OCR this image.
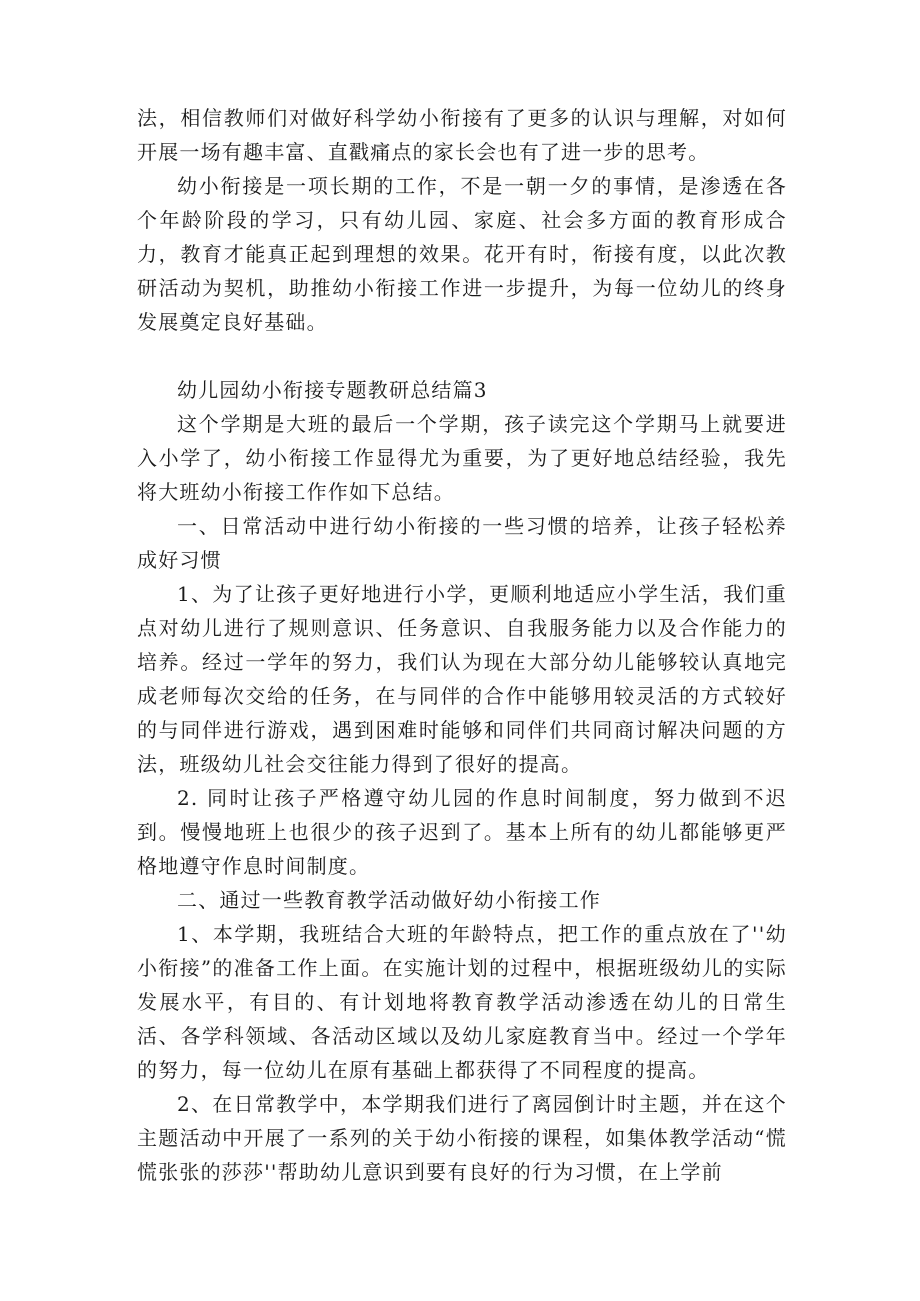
法，相信教师们对做好科学幼小衔接有了更多的认识与理解，对如何开展一场有趣丰富、直戳痛点的家长会也有了进一步的思考。

幼小衔接是一项长期的工作，不是一朝一夕的事情，是渗透在各个年龄阶段的学习，只有幼儿园、家庭、社会多方面的教育形成合力，教育才能真正起到理想的效果。花开有时，衔接有度，以此次教研活动为契机，助推幼小衔接工作进一步提升，为每一位幼儿的终身发展奠定良好基础。

幼儿园幼小衔接专题教研总结篇3

这个学期是大班的最后一个学期，孩子读完这个学期马上就要进入小学了，幼小衔接工作显得尤为重要，为了更好地总结经验，我先将大班幼小衔接工作作如下总结。

一、日常活动中进行幼小衔接的一些习惯的培养，让孩子轻松养成好习惯

1、为了让孩子更好地进行小学，更顺利地适应小学生活，我们重点对幼儿进行了规则意识、任务意识、自我服务能力以及合作能力的培养。经过一学年的努力，我们认为现在大部分幼儿能够较认真地完成老师每次交给的任务，在与同伴的合作中能够用较灵活的方式较好的与同伴进行游戏，遇到困难时能够和同伴们共同商讨解决问题的方法，班级幼儿社会交往能力得到了很好的提高。

2. 同时让孩子严格遵守幼儿园的作息时间制度，努力做到不迟到。慢慢地班上也很少的孩子迟到了。基本上所有的幼儿都能够更严格地遵守作息时间制度。

二、通过一些教育教学活动做好幼小衔接工作

1、本学期，我班结合大班的年龄特点，把工作的重点放在了''幼小衔接”的准备工作上面。在实施计划的过程中，根据班级幼儿的实际发展水平，有目的、有计划地将教育教学活动渗透在幼儿的日常生活、各学科领域、各活动区域以及幼儿家庭教育当中。经过一个学年的努力，每一位幼儿在原有基础上都获得了不同程度的提高。

2、在日常教学中，本学期我们进行了离园倒计时主题，并在这个主题活动中开展了一系列的关于幼小衔接的课程，如集体教学活动“慌慌张张的莎莎''帮助幼儿意识到要有良好的行为习惯，在上学前
